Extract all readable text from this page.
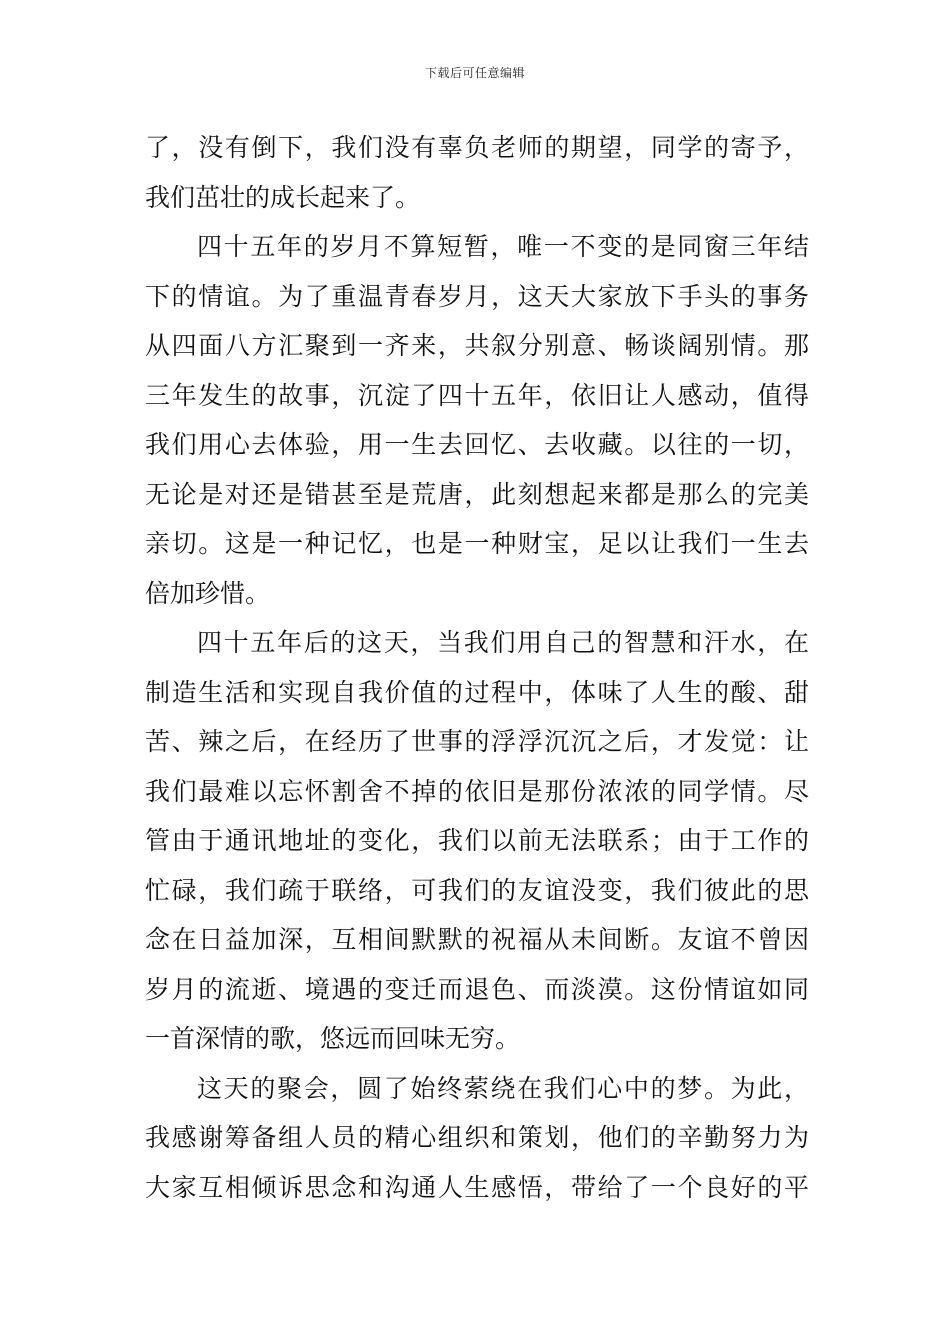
下载后可任意编辑
了，没有倒下，我们没有辜负老师的期望，同学的寄予，
我们茁壮的成长起来了。
四十五年的岁月不算短暂，唯一不变的是同窗三年结
下的情谊。为了重温青春岁月，这天大家放下手头的事务
从四面八方汇聚到一齐来，共叙分别意、畅谈阔别情。那
三年发生的故事，沉淀了四十五年，依旧让人感动，值得
我们用心去体验，用一生去回忆、去收藏。以往的一切，
无论是对还是错甚至是荒唐，此刻想起来都是那么的完美
亲切。这是一种记忆，也是一种财宝，足以让我们一生去
倍加珍惜。
四十五年后的这天，当我们用自己的智慧和汗水，在
制造生活和实现自我价值的过程中，体味了人生的酸、甜
苦、辣之后，在经历了世事的浮浮沉沉之后，才发觉：让
我们最难以忘怀割舍不掉的依旧是那份浓浓的同学情。尽
管由于通讯地址的变化，我们以前无法联系；由于工作的
忙碌，我们疏于联络，可我们的友谊没变，我们彼此的思
念在日益加深，互相间默默的祝福从未间断。友谊不曾因
岁月的流逝、境遇的变迁而退色、而淡漠。这份情谊如同
一首深情的歌，悠远而回味无穷。
这天的聚会，圆了始终萦绕在我们心中的梦。为此，
我感谢筹备组人员的精心组织和策划，他们的辛勤努力为
大家互相倾诉思念和沟通人生感悟，带给了一个良好的平
